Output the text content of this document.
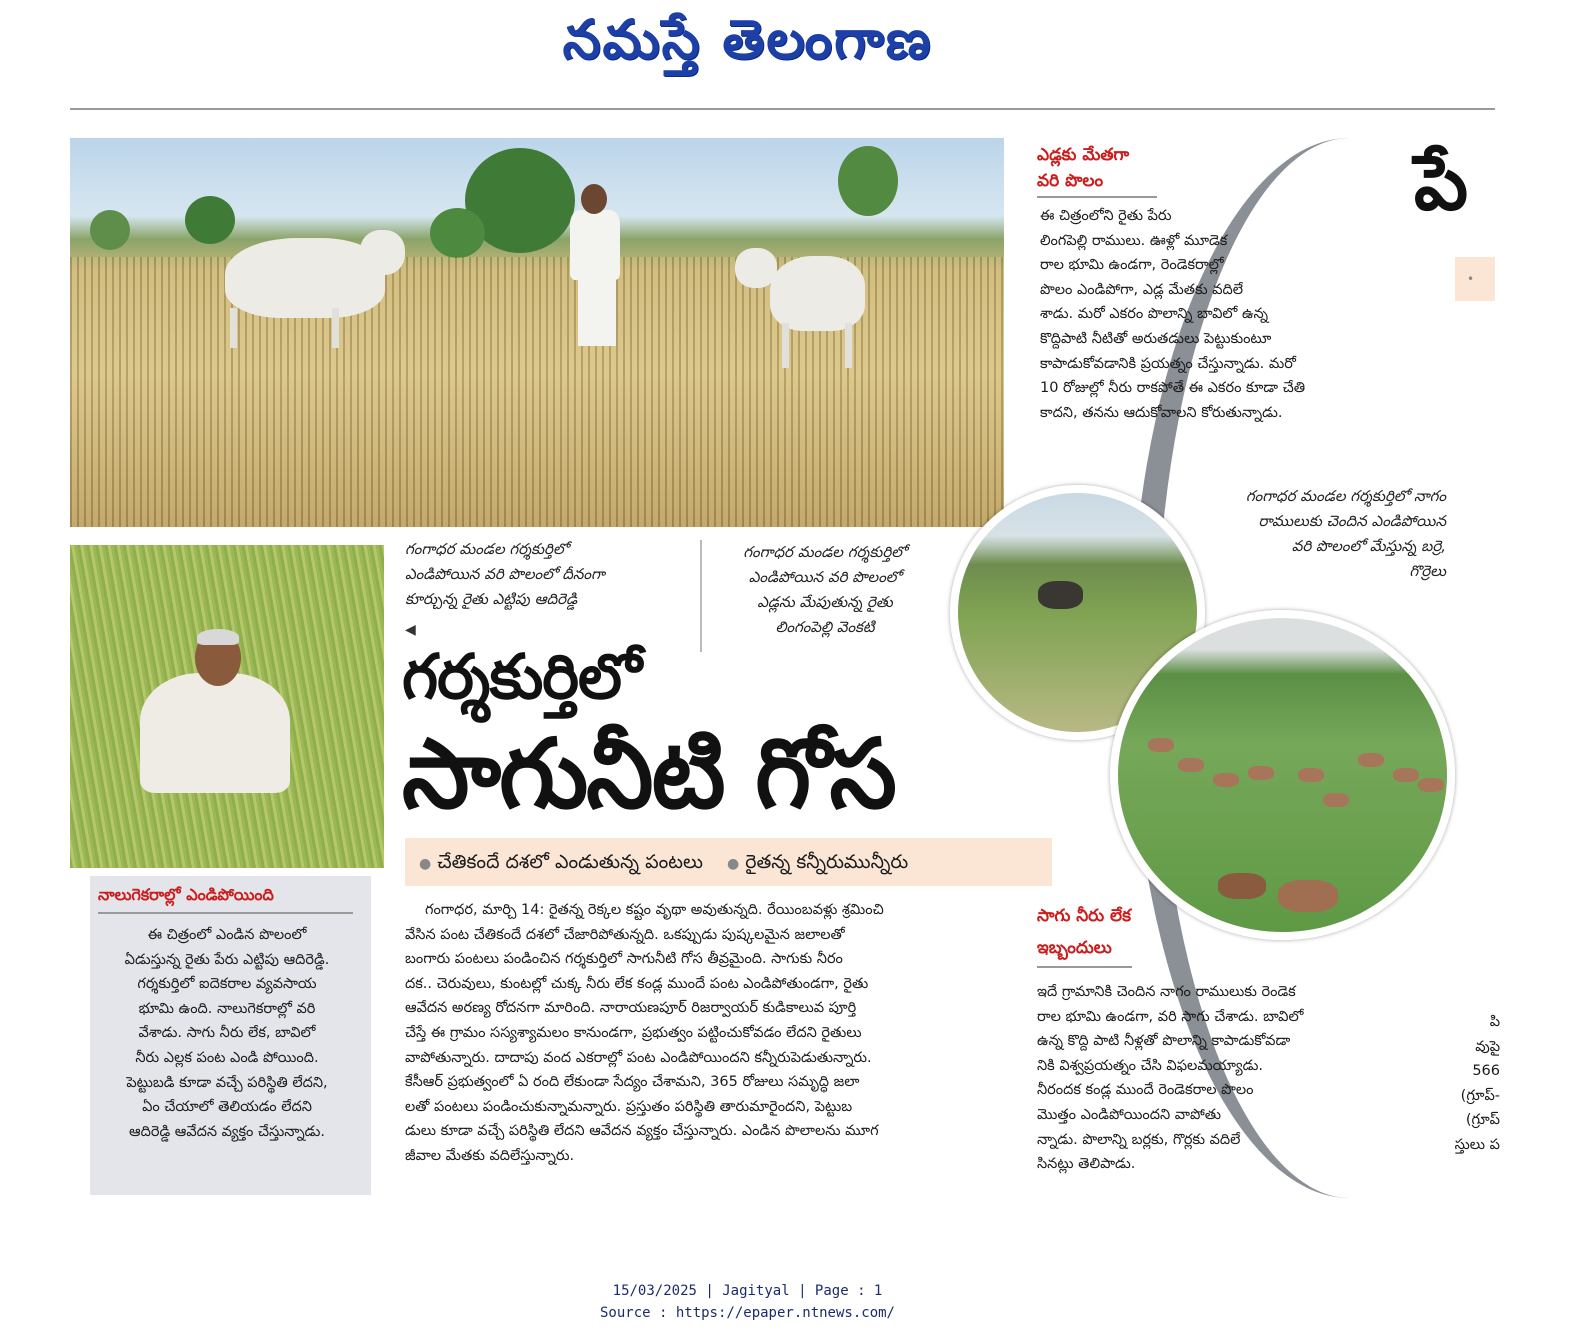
నమస్తే తెలంగాణ
గంగాధర మండల గర్శకుర్తిలో
ఎండిపోయిన వరి పొలంలో దీనంగా
కూర్చున్న రైతు ఎట్టిపు ఆదిరెడ్డి
◀
గంగాధర మండల గర్శకుర్తిలో
ఎండిపోయిన వరి పొలంలో
ఎడ్లను మేపుతున్న రైతు
లింగంపెల్లి వెంకటి
గర్శకుర్తిలో
సాగునీటి గోస
● చేతికందే దశలో ఎండుతున్న పంటలు ● రైతన్న కన్నీరుమున్నీరు
గంగాధర, మార్చి 14: రైతన్న రెక్కల కష్టం వృథా అవుతున్నది. రేయింబవళ్లు శ్రమించి
వేసిన పంట చేతికందే దశలో చేజారిపోతున్నది. ఒకప్పుడు పుష్కలమైన జలాలతో
బంగారు పంటలు పండించిన గర్శకుర్తిలో సాగునీటి గోస తీవ్రమైంది. సాగుకు నీరం
దక.. చెరువులు, కుంటల్లో చుక్క నీరు లేక కండ్ల ముందే పంట ఎండిపోతుండగా, రైతు
ఆవేదన అరణ్య రోదనగా మారింది. నారాయణపూర్ రిజర్వాయర్ కుడికాలువ పూర్తి
చేస్తే ఈ గ్రామం సస్యశ్యామలం కానుండగా, ప్రభుత్వం పట్టించుకోవడం లేదని రైతులు
వాపోతున్నారు. దాదాపు వంద ఎకరాల్లో పంట ఎండిపోయిందని కన్నీరుపెడుతున్నారు.
కేసీఆర్ ప్రభుత్వంలో ఏ రంది లేకుండా సేద్యం చేశామని, 365 రోజులు సమృద్ధి జలా
లతో పంటలు పండించుకున్నామన్నారు. ప్రస్తుతం పరిస్థితి తారుమారైందని, పెట్టుబ
డులు కూడా వచ్చే పరిస్థితి లేదని ఆవేదన వ్యక్తం చేస్తున్నారు. ఎండిన పొలాలను మూగ
జీవాల మేతకు వదిలేస్తున్నారు.
నాలుగెకరాల్లో ఎండిపోయింది
ఈ చిత్రంలో ఎండిన పొలంలో
ఏడుస్తున్న రైతు పేరు ఎట్టిపు ఆదిరెడ్డి.
గర్శకుర్తిలో ఐదెకరాల వ్యవసాయ
భూమి ఉంది. నాలుగెకరాల్లో వరి
వేశాడు. సాగు నీరు లేక, బావిలో
నీరు ఎల్లక పంట ఎండి పోయింది.
పెట్టుబడి కూడా వచ్చే పరిస్థితి లేదని,
ఏం చేయాలో తెలియడం లేదని
ఆదిరెడ్డి ఆవేదన వ్యక్తం చేస్తున్నాడు.
ఎడ్లకు మేతగా
వరి పొలం
ఈ చిత్రంలోని రైతు పేరు
లింగపెల్లి రాములు. ఊళ్లో మూడెక
రాల భూమి ఉండగా, రెండెకరాల్లో
పొలం ఎండిపోగా, ఎడ్ల మేతకు వదిలే
శాడు. మరో ఎకరం పొలాన్ని బావిలో ఉన్న
కొద్దిపాటి నీటితో అరుతడులు పెట్టుకుంటూ
కాపాడుకోవడానికి ప్రయత్నం చేస్తున్నాడు. మరో
10 రోజుల్లో నీరు రాకపోతే ఈ ఎకరం కూడా చేతి
కాదని, తనను ఆదుకోవాలని కోరుతున్నాడు.
గంగాధర మండల గర్శకుర్తిలో నాగం
రాములుకు చెందిన ఎండిపోయిన
వరి పొలంలో మేస్తున్న బర్రె,
గొర్రెలు
సాగు నీరు లేక
ఇబ్బందులు
ఇదే గ్రామానికి చెందిన నాగం రాములుకు రెండెక
రాల భూమి ఉండగా, వరి సాగు చేశాడు. బావిలో
ఉన్న కొద్ది పాటి నీళ్లతో పొలాన్ని కాపాడుకోవడా
నికి విశ్వప్రయత్నం చేసి విఫలమయ్యాడు.
నీరందక కండ్ల ముందే రెండెకరాల పొలం
మొత్తం ఎండిపోయిందని వాపోతు
న్నాడు. పొలాన్ని బర్లకు, గొర్లకు వదిలే
సినట్లు తెలిపాడు.
పే
•
పి
వుపై
566
(గ్రూప్-
(గ్రూప్
స్తులు ప
15/03/2025 | Jagityal | Page : 1
Source : https://epaper.ntnews.com/
